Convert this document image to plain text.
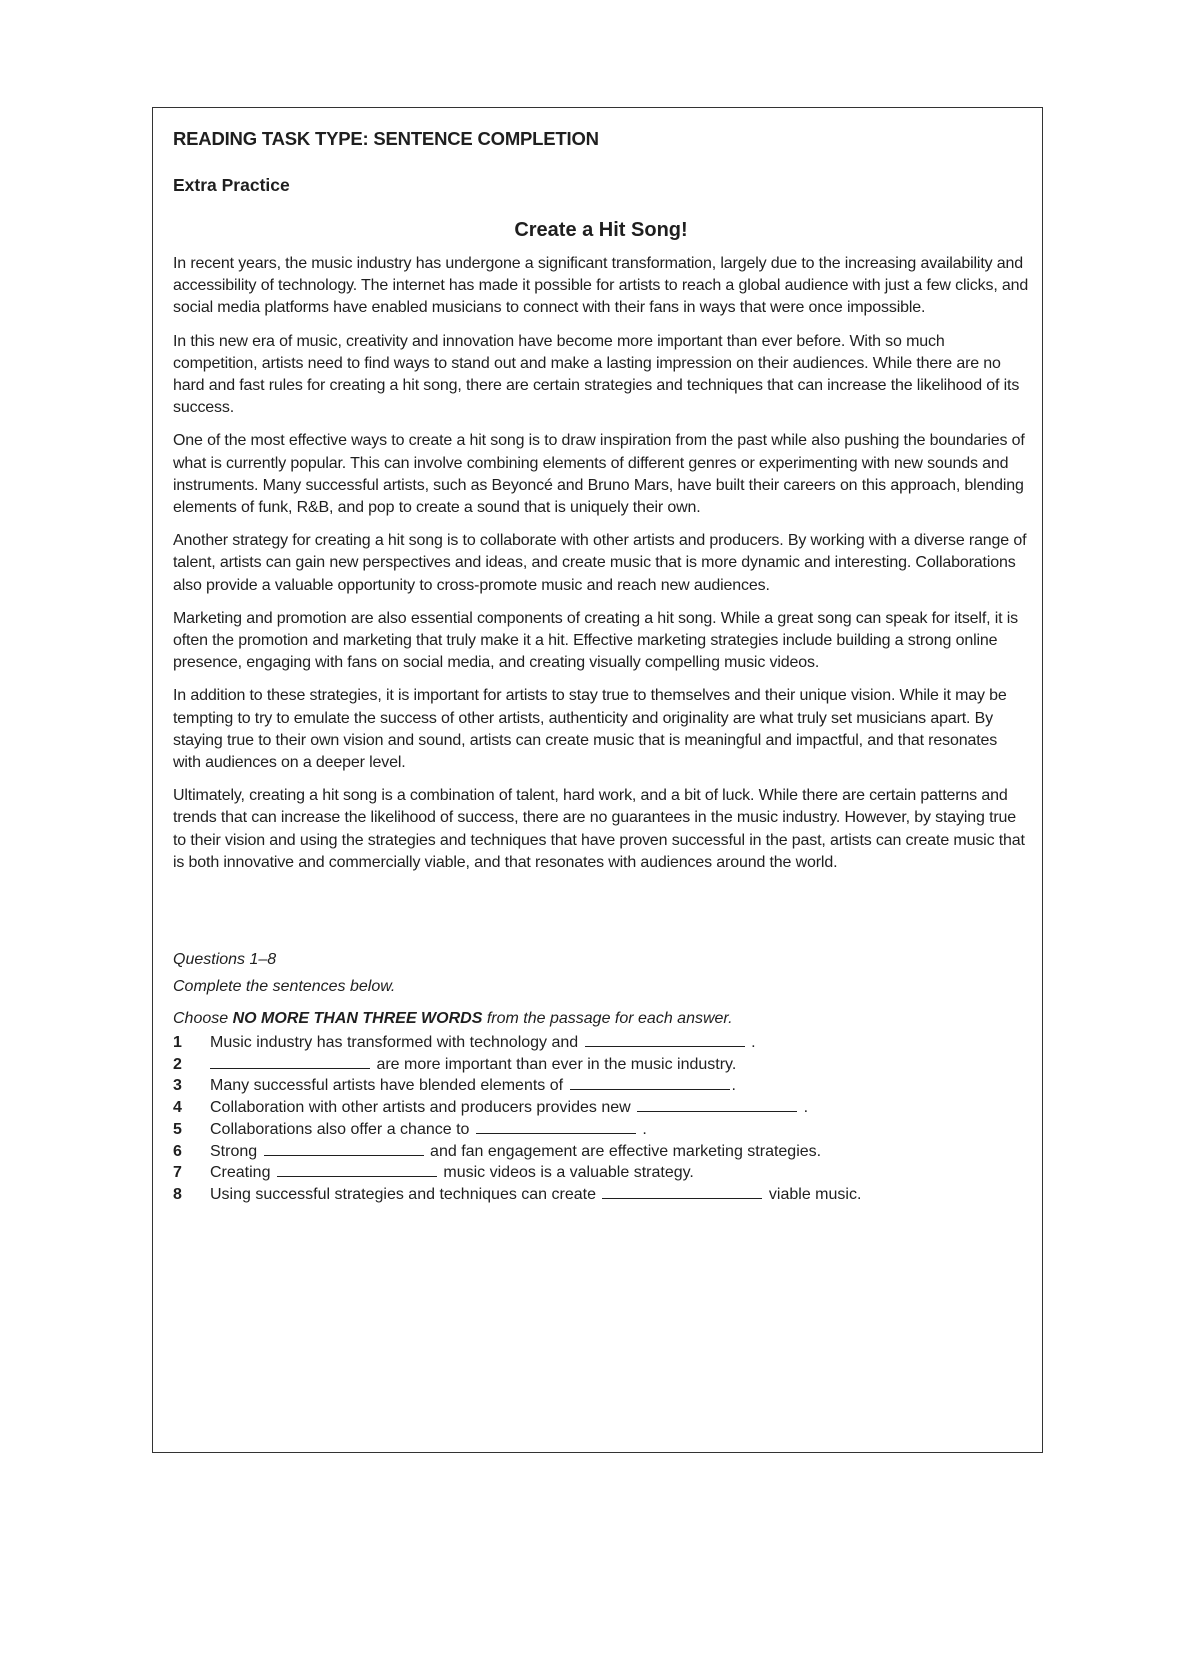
READING TASK TYPE: SENTENCE COMPLETION
Extra Practice
Create a Hit Song!

In recent years, the music industry has undergone a significant transformation, largely due to the increasing availability and accessibility of technology. The internet has made it possible for artists to reach a global audience with just a few clicks, and social media platforms have enabled musicians to connect with their fans in ways that were once impossible.

In this new era of music, creativity and innovation have become more important than ever before. With so much competition, artists need to find ways to stand out and make a lasting impression on their audiences. While there are no hard and fast rules for creating a hit song, there are certain strategies and techniques that can increase the likelihood of its success.

One of the most effective ways to create a hit song is to draw inspiration from the past while also pushing the boundaries of what is currently popular. This can involve combining elements of different genres or experimenting with new sounds and instruments. Many successful artists, such as Beyoncé and Bruno Mars, have built their careers on this approach, blending elements of funk, R&B, and pop to create a sound that is uniquely their own.

Another strategy for creating a hit song is to collaborate with other artists and producers. By working with a diverse range of talent, artists can gain new perspectives and ideas, and create music that is more dynamic and interesting. Collaborations also provide a valuable opportunity to cross-promote music and reach new audiences.

Marketing and promotion are also essential components of creating a hit song. While a great song can speak for itself, it is often the promotion and marketing that truly make it a hit. Effective marketing strategies include building a strong online presence, engaging with fans on social media, and creating visually compelling music videos.

In addition to these strategies, it is important for artists to stay true to themselves and their unique vision. While it may be tempting to try to emulate the success of other artists, authenticity and originality are what truly set musicians apart. By staying true to their own vision and sound, artists can create music that is meaningful and impactful, and that resonates with audiences on a deeper level.

Ultimately, creating a hit song is a combination of talent, hard work, and a bit of luck. While there are certain patterns and trends that can increase the likelihood of success, there are no guarantees in the music industry. However, by staying true to their vision and using the strategies and techniques that have proven successful in the past, artists can create music that is both innovative and commercially viable, and that resonates with audiences around the world.

Questions 1–8

Complete the sentences below.

Choose NO MORE THAN THREE WORDS from the passage for each answer.

1	Music industry has transformed with technology and	.
2	are more important than ever in the music industry.
3	Many successful artists have blended elements of	.
4	Collaboration with other artists and producers provides new	.
5	Collaborations also offer a chance to	.
6	Strong	and fan engagement are effective marketing strategies.
7	Creating	music videos is a valuable strategy.
8	Using successful strategies and techniques can create	viable music.
